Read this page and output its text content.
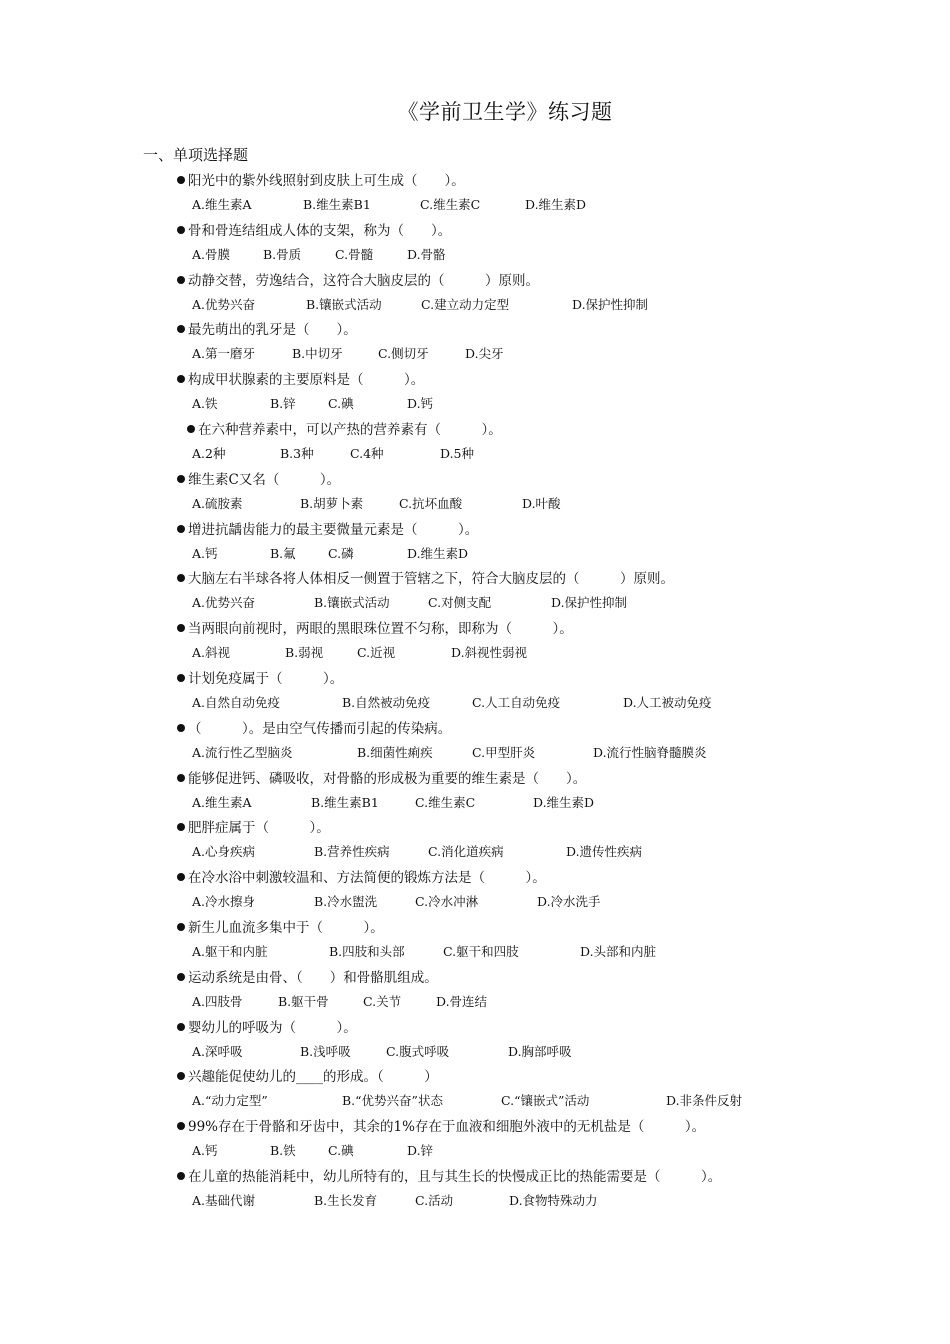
《学前卫生学》练习题
一、单项选择题
阳光中的紫外线照射到皮肤上可生成（　　）。
A.维生素A	B.维生素B1	C.维生素C	D.维生素D
骨和骨连结组成人体的支架，称为（　　）。
A.骨膜	B.骨质	C.骨髓	D.骨骼
动静交替，劳逸结合，这符合大脑皮层的（　　　）原则。
A.优势兴奋	B.镶嵌式活动	C.建立动力定型	D.保护性抑制
最先萌出的乳牙是（　　）。
A.第一磨牙	B.中切牙	C.侧切牙	D.尖牙
构成甲状腺素的主要原料是（　　　）。
A.铁	B.锌	C.碘	D.钙
在六种营养素中，可以产热的营养素有（　　　）。
A.2种	B.3种	C.4种	D.5种
维生素C又名（　　　）。
A.硫胺素	B.胡萝卜素	C.抗坏血酸	D.叶酸
增进抗龋齿能力的最主要微量元素是（　　　）。
A.钙	B.氟	C.磷	D.维生素D
大脑左右半球各将人体相反一侧置于管辖之下，符合大脑皮层的（　　　）原则。
A.优势兴奋	B.镶嵌式活动	C.对侧支配	D.保护性抑制
当两眼向前视时，两眼的黑眼珠位置不匀称，即称为（　　　）。
A.斜视	B.弱视	C.近视	D.斜视性弱视
计划免疫属于（　　　）。
A.自然自动免疫	B.自然被动免疫	C.人工自动免疫	D.人工被动免疫
（　　　）。是由空气传播而引起的传染病。
A.流行性乙型脑炎	B.细菌性痢疾	C.甲型肝炎	D.流行性脑脊髓膜炎
能够促进钙、磷吸收，对骨骼的形成极为重要的维生素是（　　）。
A.维生素A	B.维生素B1	C.维生素C	D.维生素D
肥胖症属于（　　　）。
A.心身疾病	B.营养性疾病	C.消化道疾病	D.遗传性疾病
在冷水浴中刺激较温和、方法简便的锻炼方法是（　　　）。
A.冷水擦身	B.冷水盥洗	C.冷水冲淋	D.冷水洗手
新生儿血流多集中于（　　　）。
A.躯干和内脏	B.四肢和头部	C.躯干和四肢	D.头部和内脏
运动系统是由骨、（　　）和骨骼肌组成。
A.四肢骨	B.躯干骨	C.关节	D.骨连结
婴幼儿的呼吸为（　　　）。
A.深呼吸	B.浅呼吸	C.腹式呼吸	D.胸部呼吸
兴趣能促使幼儿的____的形成。（　　　）
A.“动力定型”	B.“优势兴奋”状态	C.“镶嵌式”活动	D.非条件反射
99%存在于骨骼和牙齿中，其余的1%存在于血液和细胞外液中的无机盐是（　　　）。
A.钙	B.铁	C.碘	D.锌
在儿童的热能消耗中，幼儿所特有的，且与其生长的快慢成正比的热能需要是（　　　）。
A.基础代谢	B.生长发育	C.活动	D.食物特殊动力
